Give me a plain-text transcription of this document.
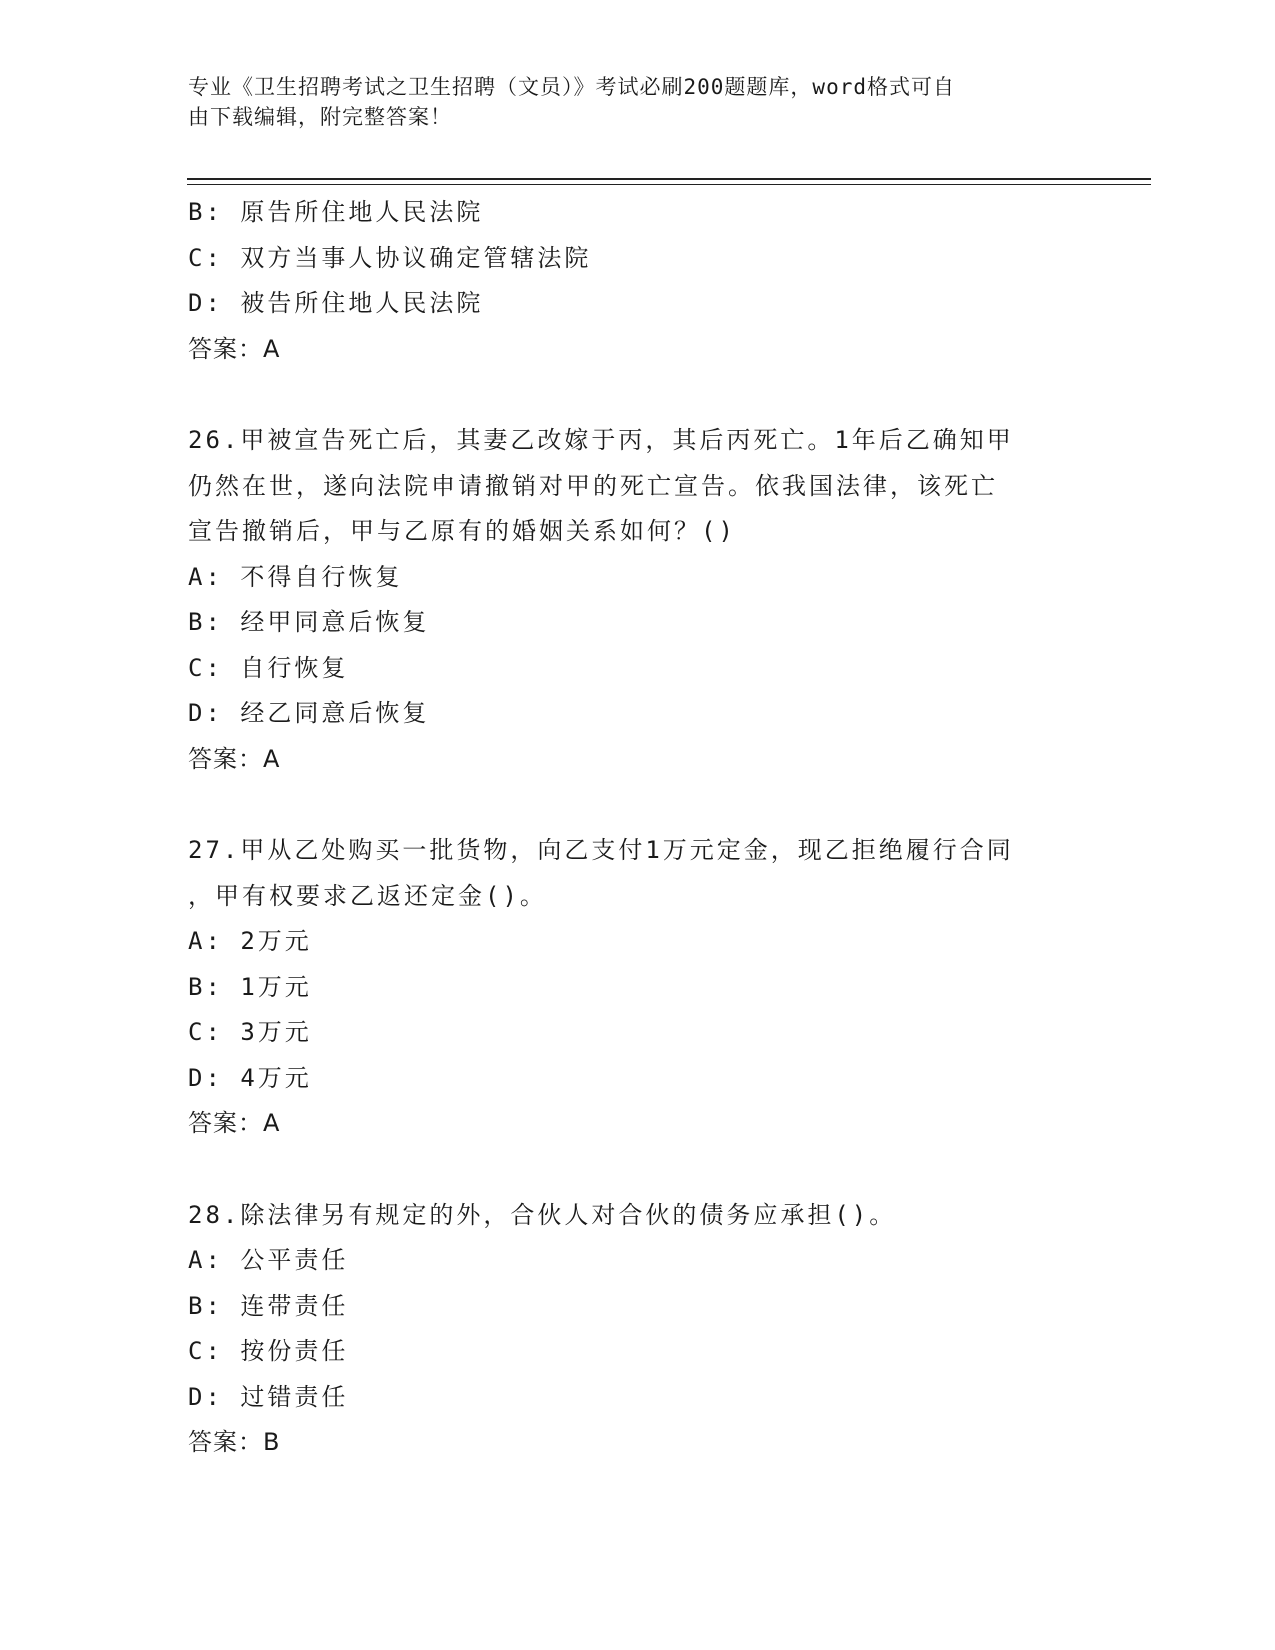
专业《卫生招聘考试之卫生招聘（文员）》考试必刷200题题库，word格式可自
由下载编辑，附完整答案！
B: 原告所住地人民法院
C: 双方当事人协议确定管辖法院
D: 被告所住地人民法院
答案：A
26.甲被宣告死亡后，其妻乙改嫁于丙，其后丙死亡。1年后乙确知甲
仍然在世，遂向法院申请撤销对甲的死亡宣告。依我国法律，该死亡
宣告撤销后，甲与乙原有的婚姻关系如何？()
A: 不得自行恢复
B: 经甲同意后恢复
C: 自行恢复
D: 经乙同意后恢复
答案：A
27.甲从乙处购买一批货物，向乙支付1万元定金，现乙拒绝履行合同
，甲有权要求乙返还定金()。
A: 2万元
B: 1万元
C: 3万元
D: 4万元
答案：A
28.除法律另有规定的外，合伙人对合伙的债务应承担()。
A: 公平责任
B: 连带责任
C: 按份责任
D: 过错责任
答案：B
